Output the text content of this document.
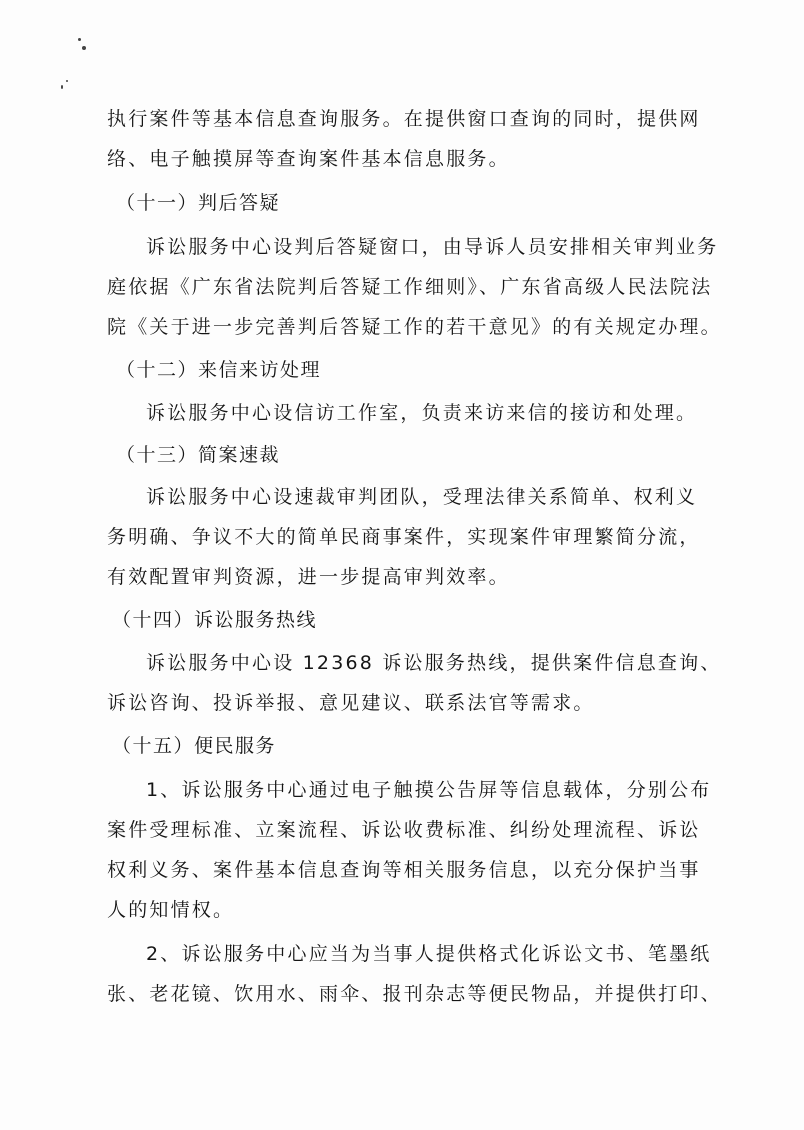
执行案件等基本信息查询服务。在提供窗口查询的同时，提供网
络、电子触摸屏等查询案件基本信息服务。
（十一）判后答疑
诉讼服务中心设判后答疑窗口，由导诉人员安排相关审判业务
庭依据《广东省法院判后答疑工作细则》、广东省高级人民法院法
院《关于进一步完善判后答疑工作的若干意见》的有关规定办理。
（十二）来信来访处理
诉讼服务中心设信访工作室，负责来访来信的接访和处理。
（十三）简案速裁
诉讼服务中心设速裁审判团队，受理法律关系简单、权利义
务明确、争议不大的简单民商事案件，实现案件审理繁简分流，
有效配置审判资源，进一步提高审判效率。
（十四）诉讼服务热线
诉讼服务中心设 12368 诉讼服务热线，提供案件信息查询、
诉讼咨询、投诉举报、意见建议、联系法官等需求。
（十五）便民服务
1、诉讼服务中心通过电子触摸公告屏等信息载体，分别公布
案件受理标准、立案流程、诉讼收费标准、纠纷处理流程、诉讼
权利义务、案件基本信息查询等相关服务信息，以充分保护当事
人的知情权。
2、诉讼服务中心应当为当事人提供格式化诉讼文书、笔墨纸
张、老花镜、饮用水、雨伞、报刊杂志等便民物品，并提供打印、
